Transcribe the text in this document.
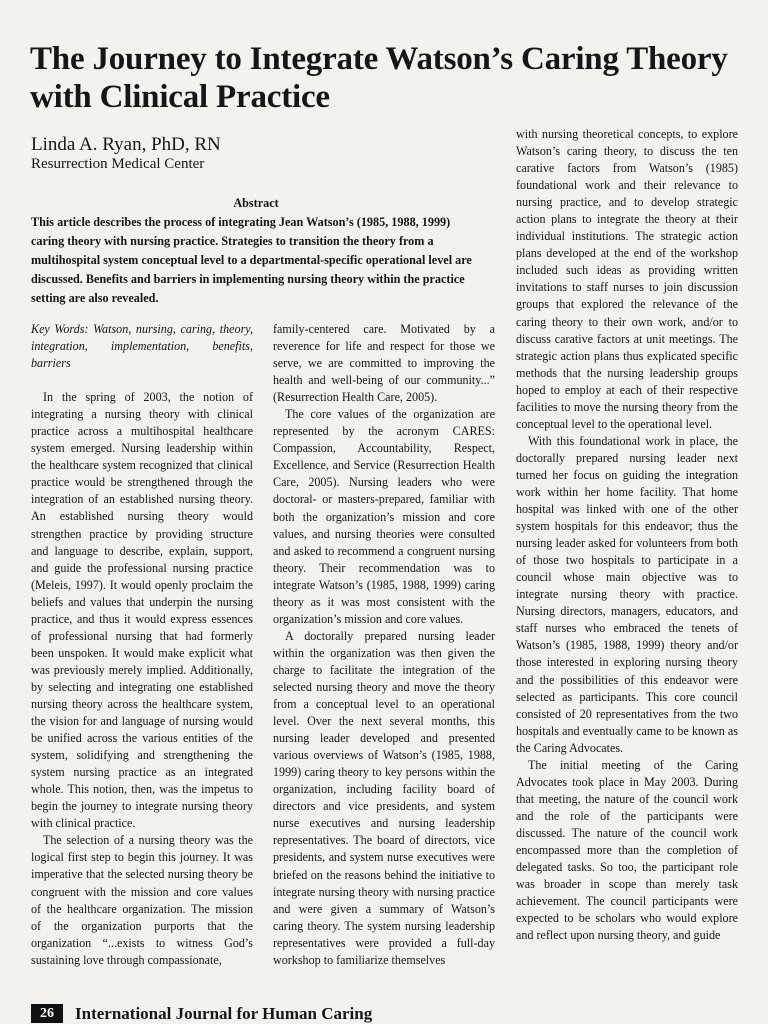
The Journey to Integrate Watson’s Caring Theory with Clinical Practice
Linda A. Ryan, PhD, RN
Resurrection Medical Center
Abstract
This article describes the process of integrating Jean Watson’s (1985, 1988, 1999) caring theory with nursing practice. Strategies to transition the theory from a multihospital system conceptual level to a departmental-specific operational level are discussed. Benefits and barriers in implementing nursing theory within the practice setting are also revealed.

Key Words: Watson, nursing, caring, theory, integration, implementation, benefits, barriers

In the spring of 2003, the notion of integrating a nursing theory with clinical practice across a multihospital healthcare system emerged. Nursing leadership within the healthcare system recognized that clinical practice would be strengthened through the integration of an established nursing theory. An established nursing theory would strengthen practice by providing structure and language to describe, explain, support, and guide the professional nursing practice (Meleis, 1997). It would openly proclaim the beliefs and values that underpin the nursing practice, and thus it would express essences of professional nursing that had formerly been unspoken. It would make explicit what was previously merely implied. Additionally, by selecting and integrating one established nursing theory across the healthcare system, the vision for and language of nursing would be unified across the various entities of the system, solidifying and strengthening the system nursing practice as an integrated whole. This notion, then, was the impetus to begin the journey to integrate nursing theory with clinical practice.

The selection of a nursing theory was the logical first step to begin this journey. It was imperative that the selected nursing theory be congruent with the mission and core values of the healthcare organization. The mission of the organization purports that the organization “...exists to witness God’s sustaining love through compassionate,

family-centered care. Motivated by a reverence for life and respect for those we serve, we are committed to improving the health and well-being of our community...” (Resurrection Health Care, 2005).

The core values of the organization are represented by the acronym CARES: Compassion, Accountability, Respect, Excellence, and Service (Resurrection Health Care, 2005). Nursing leaders who were doctoral- or masters-prepared, familiar with both the organization’s mission and core values, and nursing theories were consulted and asked to recommend a congruent nursing theory. Their recommendation was to integrate Watson’s (1985, 1988, 1999) caring theory as it was most consistent with the organization’s mission and core values.

A doctorally prepared nursing leader within the organization was then given the charge to facilitate the integration of the selected nursing theory and move the theory from a conceptual level to an operational level. Over the next several months, this nursing leader developed and presented various overviews of Watson’s (1985, 1988, 1999) caring theory to key persons within the organization, including facility board of directors and vice presidents, and system nurse executives and nursing leadership representatives. The board of directors, vice presidents, and system nurse executives were briefed on the reasons behind the initiative to integrate nursing theory with nursing practice and were given a summary of Watson’s caring theory. The system nursing leadership representatives were provided a full-day workshop to familiarize themselves

with nursing theoretical concepts, to explore Watson’s caring theory, to discuss the ten carative factors from Watson’s (1985) foundational work and their relevance to nursing practice, and to develop strategic action plans to integrate the theory at their individual institutions. The strategic action plans developed at the end of the workshop included such ideas as providing written invitations to staff nurses to join discussion groups that explored the relevance of the caring theory to their own work, and/or to discuss carative factors at unit meetings. The strategic action plans thus explicated specific methods that the nursing leadership groups hoped to employ at each of their respective facilities to move the nursing theory from the conceptual level to the operational level.

With this foundational work in place, the doctorally prepared nursing leader next turned her focus on guiding the integration work within her home facility. That home hospital was linked with one of the other system hospitals for this endeavor; thus the nursing leader asked for volunteers from both of those two hospitals to participate in a council whose main objective was to integrate nursing theory with practice. Nursing directors, managers, educators, and staff nurses who embraced the tenets of Watson’s (1985, 1988, 1999) theory and/or those interested in exploring nursing theory and the possibilities of this endeavor were selected as participants. This core council consisted of 20 representatives from the two hospitals and eventually came to be known as the Caring Advocates.

The initial meeting of the Caring Advocates took place in May 2003. During that meeting, the nature of the council work and the role of the participants were discussed. The nature of the council work encompassed more than the completion of delegated tasks. So too, the participant role was broader in scope than merely task achievement. The council participants were expected to be scholars who would explore and reflect upon nursing theory, and guide

26	International Journal for Human Caring
